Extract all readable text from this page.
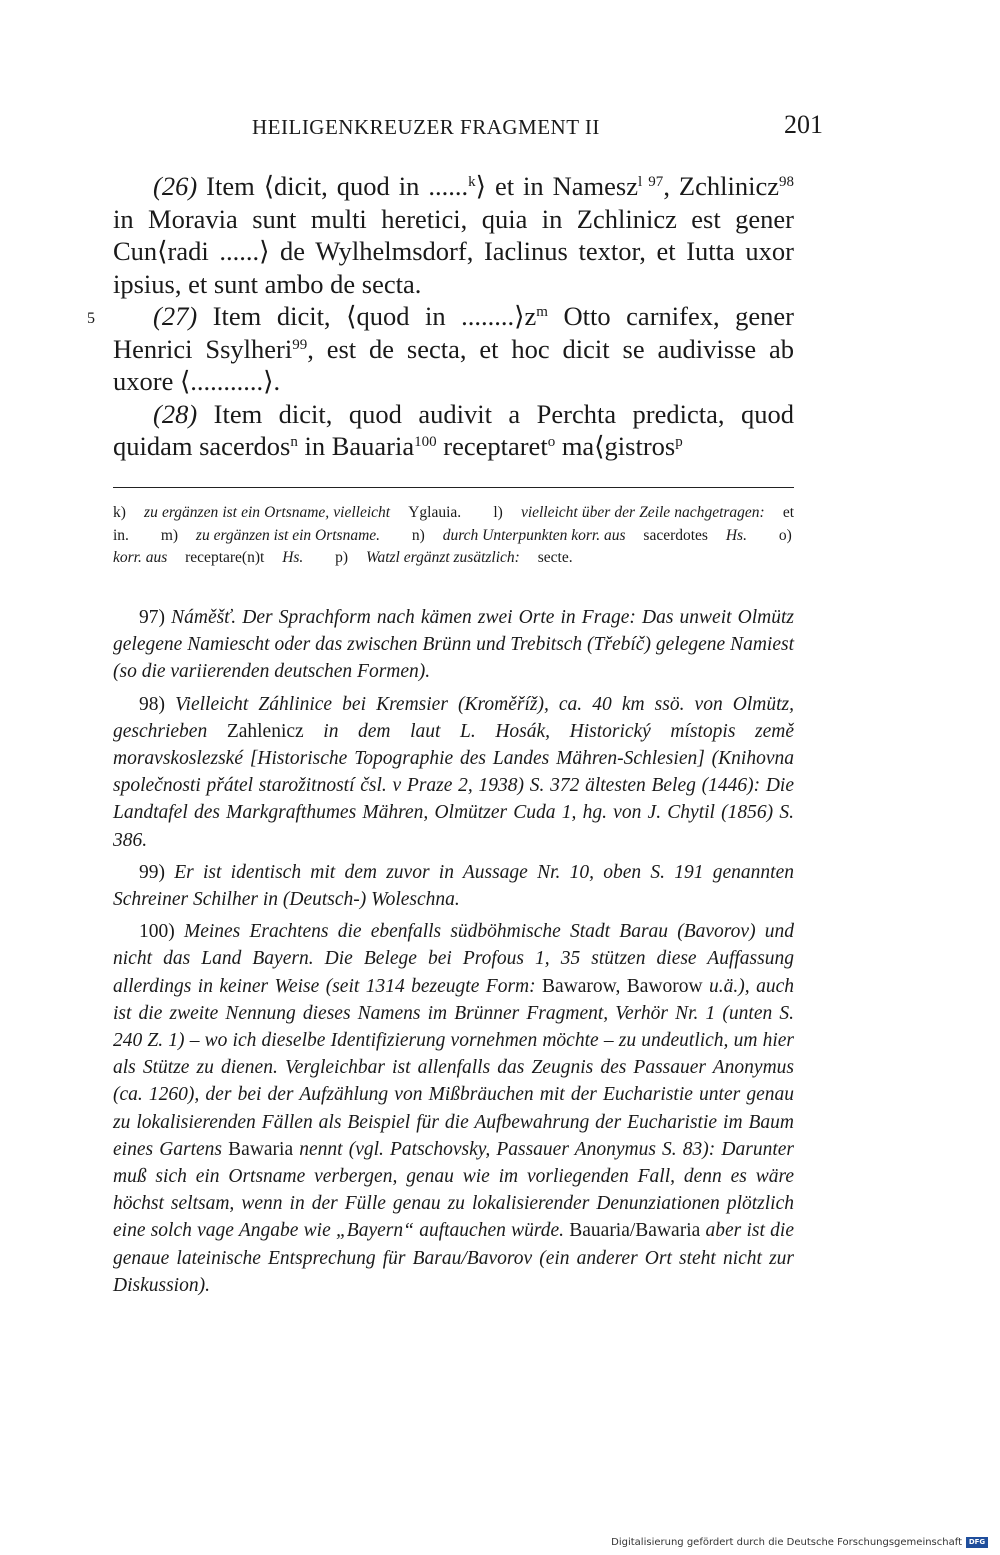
HEILIGENKREUZER FRAGMENT II	201
5

(26) Item ⟨dicit, quod in ......$^k$⟩ et in Namesz$^{l 97}$, Zchlinicz$^{98}$ in Moravia sunt multi heretici, quia in Zchlinicz est gener Cun⟨radi ......⟩ de Wylhelmsdorf, Iaclinus textor, et Iutta uxor ipsius, et sunt ambo de secta.

(27) Item dicit, ⟨quod in $........⟩z^m$ Otto carnifex, gener Henrici Ssylheri$^{99}$, est de secta, et hoc dicit se audivisse ab uxore ⟨...........⟩.

(28) Item dicit, quod audivit a Perchta predicta, quod quidam sacerdos$^n$ in Bauaria$^{100}$ receptaret$^o$ ma⟨gistros$^p$

k) zu ergänzen ist ein Ortsname, vielleicht Yglauia. l) vielleicht über der Zeile nachgetragen: et in. m) zu ergänzen ist ein Ortsname. n) durch Unterpunkten korr. aus sacerdotes Hs. o) korr. aus receptare(n)t Hs. p) Watzl ergänzt zusätzlich: secte.

97) Náměšť. Der Sprachform nach kämen zwei Orte in Frage: Das unweit Olmütz gelegene Namiescht oder das zwischen Brünn und Trebitsch (Třebíč) gelegene Namiest (so die variierenden deutschen Formen).

98) Vielleicht Záhlinice bei Kremsier (Kroměříž), ca. 40 km ssö. von Olmütz, geschrieben Zahlenicz in dem laut L. Hosák, Historický místopis země moravskoslezské [Historische Topographie des Landes Mähren-Schlesien] (Knihovna společnosti přátel starožitností čsl. v Praze 2, 1938) S. 372 ältesten Beleg (1446): Die Landtafel des Markgrafthumes Mähren, Olmützer Cuda 1, hg. von J. Chytil (1856) S. 386.

99) Er ist identisch mit dem zuvor in Aussage Nr. 10, oben S. 191 genannten Schreiner Schilher in (Deutsch-) Woleschna.

100) Meines Erachtens die ebenfalls südböhmische Stadt Barau (Bavorov) und nicht das Land Bayern. Die Belege bei Profous 1, 35 stützen diese Auffassung allerdings in keiner Weise (seit 1314 bezeugte Form: Bawarow, Baworow u.ä.), auch ist die zweite Nennung dieses Namens im Brünner Fragment, Verhör Nr. 1 (unten S. 240 Z. 1) – wo ich dieselbe Identifizierung vornehmen möchte – zu undeutlich, um hier als Stütze zu dienen. Vergleichbar ist allenfalls das Zeugnis des Passauer Anonymus (ca. 1260), der bei der Aufzählung von Mißbräuchen mit der Eucharistie unter genau zu lokalisierenden Fällen als Beispiel für die Aufbewahrung der Eucharistie im Baum eines Gartens Bawaria nennt (vgl. Patschovsky, Passauer Anonymus S. 83): Darunter muß sich ein Ortsname verbergen, genau wie im vorliegenden Fall, denn es wäre höchst seltsam, wenn in der Fülle genau zu lokalisierender Denunziationen plötzlich eine solch vage Angabe wie „Bayern“ auftauchen würde. Bauaria/Bawaria aber ist die genaue lateinische Entsprechung für Barau/Bavorov (ein anderer Ort steht nicht zur Diskussion).

Digitalisierung gefördert durch die Deutsche Forschungsgemeinschaft DFG
